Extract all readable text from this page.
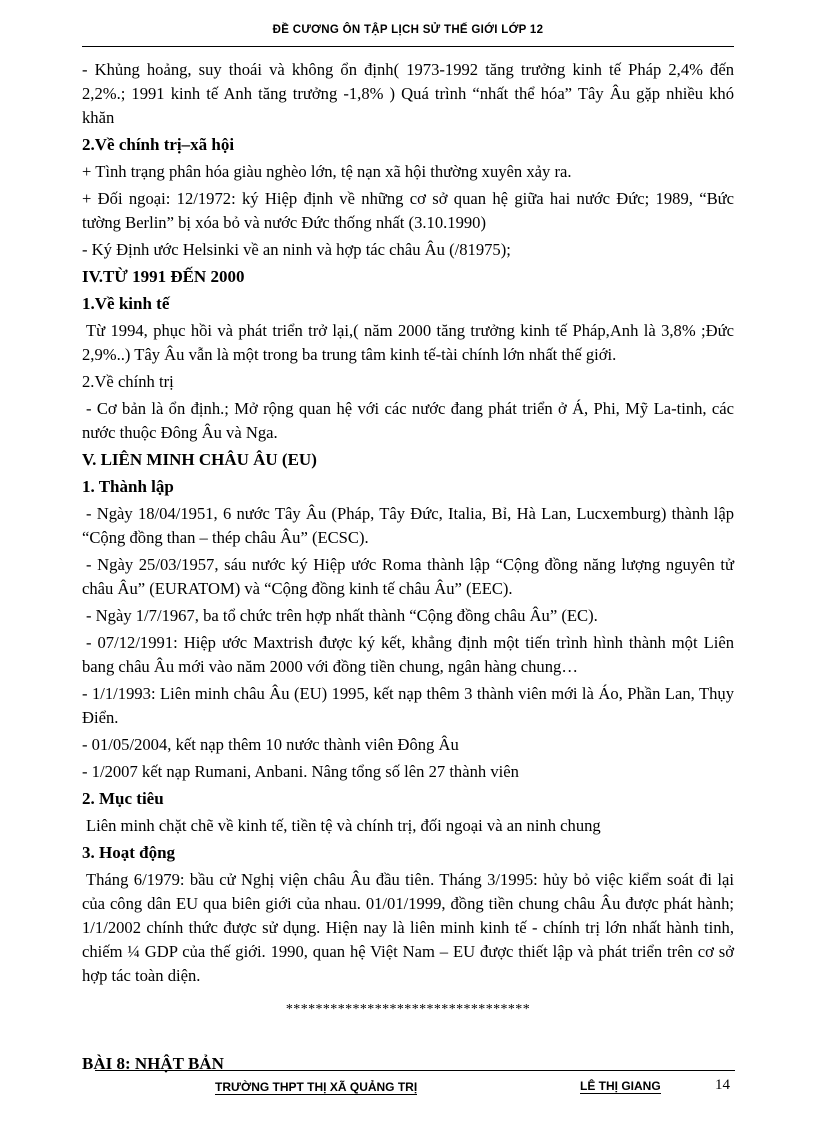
ĐỀ CƯƠNG ÔN TẬP LỊCH SỬ THẾ GIỚI LỚP 12

- Khủng hoảng, suy thoái và không ổn định( 1973-1992 tăng trưởng kinh tế Pháp 2,4% đến 2,2%.; 1991 kinh tế Anh tăng trưởng -1,8% ) Quá trình “nhất thể hóa” Tây Âu gặp nhiều khó khăn

2.Về chính trị–xã hội

+ Tình trạng phân hóa giàu nghèo lớn, tệ nạn xã hội thường xuyên xảy ra.

+ Đối ngoại: 12/1972: ký Hiệp định về những cơ sở quan hệ giữa hai nước Đức; 1989, “Bức tường Berlin” bị xóa bỏ và nước Đức thống nhất (3.10.1990)

- Ký Định ước Helsinki về an ninh và hợp tác châu Âu (/81975);

IV.TỪ 1991 ĐẾN 2000
1.Về kinh tế

Từ 1994, phục hồi và phát triển trở lại,( năm 2000 tăng trưởng kinh tế Pháp,Anh là 3,8% ;Đức 2,9%..) Tây Âu vẫn là một trong ba trung tâm kinh tế-tài chính lớn nhất thế giới.

2.Về chính trị

- Cơ bản là ổn định.; Mở rộng quan hệ với các nước đang phát triển ở Á, Phi, Mỹ La-tinh, các nước thuộc Đông Âu và Nga.

V. LIÊN MINH CHÂU ÂU (EU)
1. Thành lập

- Ngày 18/04/1951, 6 nước Tây Âu (Pháp, Tây Đức, Italia, Bỉ, Hà Lan, Lucxemburg) thành lập “Cộng đồng than – thép châu Âu” (ECSC).

- Ngày 25/03/1957, sáu nước ký Hiệp ước Roma thành lập “Cộng đồng năng lượng nguyên tử châu Âu” (EURATOM) và “Cộng đồng kinh tế châu Âu” (EEC).

- Ngày 1/7/1967, ba tổ chức trên hợp nhất thành “Cộng đồng châu Âu” (EC).

- 07/12/1991: Hiệp ước Maxtrish được ký kết, khẳng định một tiến trình hình thành một Liên bang châu Âu mới vào năm 2000 với đồng tiền chung, ngân hàng chung…

- 1/1/1993: Liên minh châu Âu (EU) 1995, kết nạp thêm 3 thành viên mới là Áo, Phần Lan, Thụy Điển.

- 01/05/2004, kết nạp thêm 10 nước thành viên Đông Âu

- 1/2007 kết nạp Rumani, Anbani. Nâng tổng số lên 27 thành viên

2. Mục tiêu

Liên minh chặt chẽ về kinh tế, tiền tệ và chính trị, đối ngoại và an ninh chung

3. Hoạt động

Tháng 6/1979: bầu cử Nghị viện châu Âu đầu tiên. Tháng 3/1995: hủy bỏ việc kiểm soát đi lại của công dân EU qua biên giới của nhau. 01/01/1999, đồng tiền chung châu Âu được phát hành; 1/1/2002 chính thức được sử dụng. Hiện nay là liên minh kinh tế - chính trị lớn nhất hành tinh, chiếm ¼ GDP của thế giới. 1990, quan hệ Việt Nam – EU được thiết lập và phát triển trên cơ sở hợp tác toàn diện.

*********************************

BÀI 8: NHẬT BẢN

TRƯỜNG THPT THỊ XÃ QUẢNG TRỊ	LÊ THỊ GIANG	14
